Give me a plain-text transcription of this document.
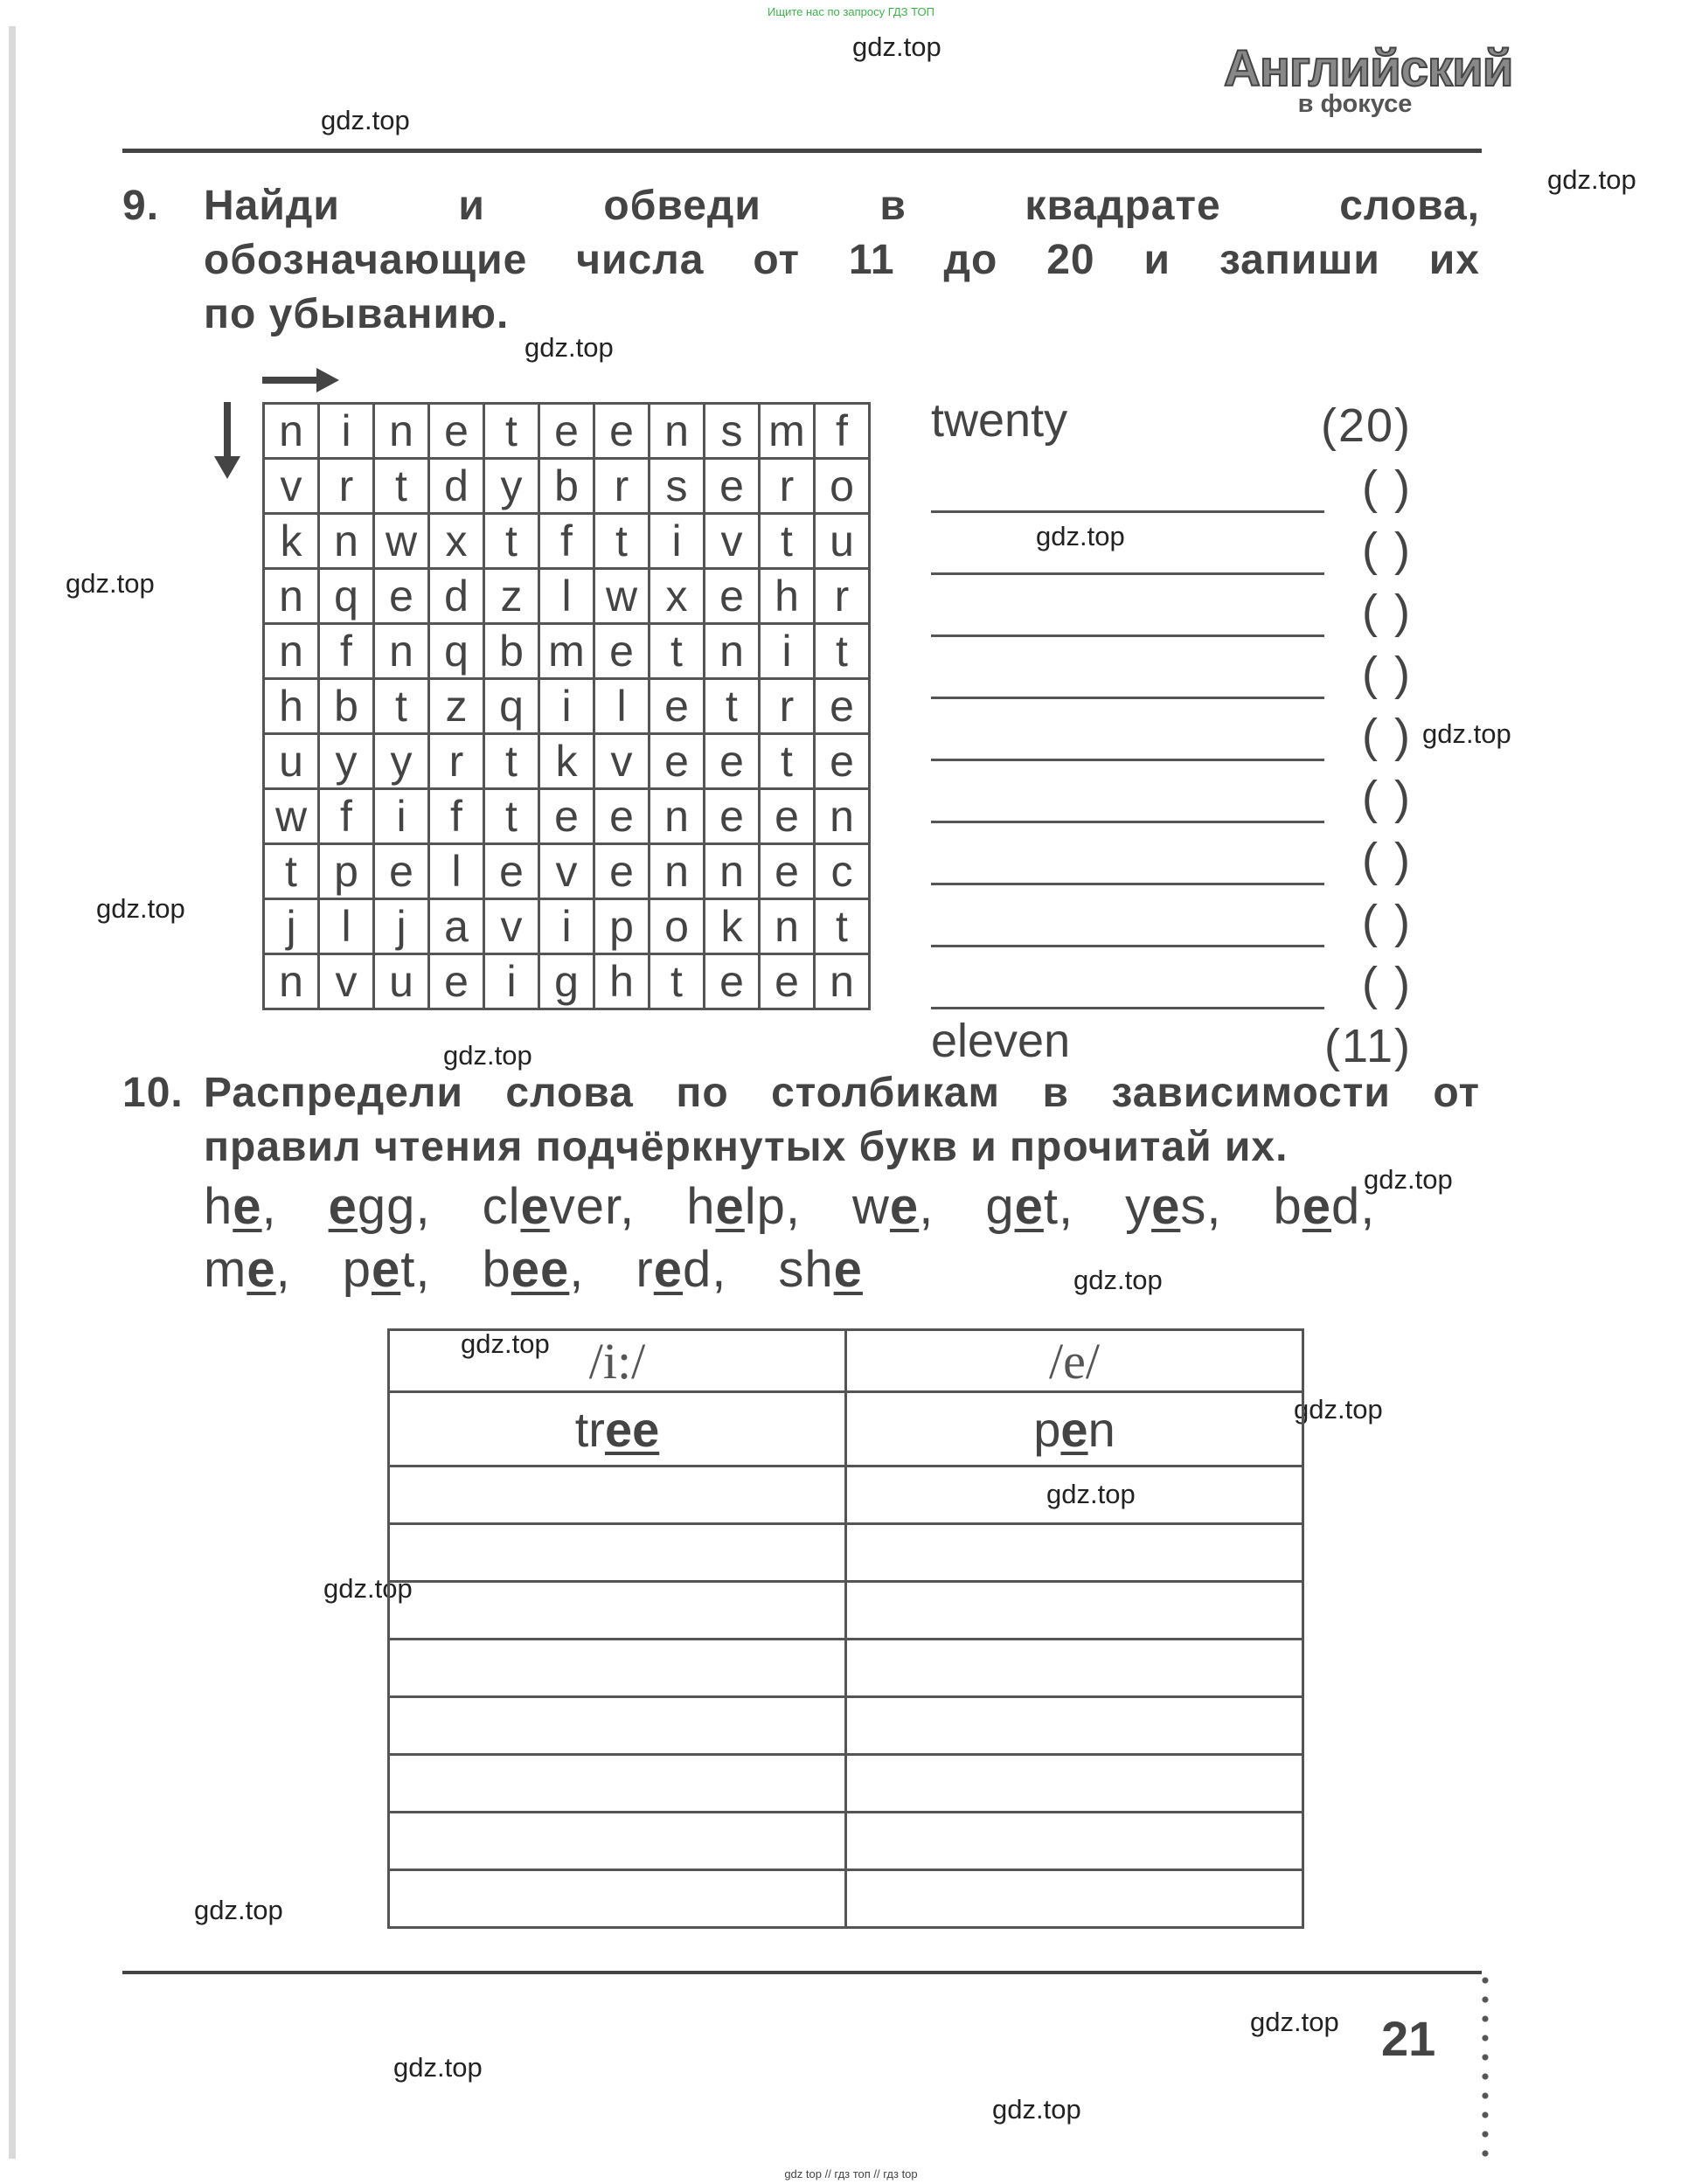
Ищите нас по запросу ГДЗ ТОП
gdz.top
gdz.top
gdz.top
gdz.top
gdz.top
gdz.top
gdz.top
gdz.top
gdz.top
gdz.top
gdz.top
gdz.top
gdz.top
gdz.top
gdz.top
gdz.top
gdz.top
gdz.top
gdz.top
Английский
в фокусе
9. Найди и обведи в квадрате слова,
обозначающие числа от 11 до 20 и запиши их
по убыванию.
n	i	n	e	t	e	e	n	s	m	f
v	r	t	d	y	b	r	s	e	r	o
k	n	w	x	t	f	t	i	v	t	u
n	q	e	d	z	l	w	x	e	h	r
n	f	n	q	b	m	e	t	n	i	t
h	b	t	z	q	i	l	e	t	r	e
u	y	y	r	t	k	v	e	e	t	e
w	f	i	f	t	e	e	n	e	e	n
t	p	e	l	e	v	e	n	n	e	c
j	l	j	a	v	i	p	o	k	n	t
n	v	u	e	i	g	h	t	e	e	n
twenty	(20)
( )
( )
( )
( )
( )
( )
( )
( )
( )
eleven	(11)
10. Распредели слова по столбикам в зависимости от
правил чтения подчёркнутых букв и прочитай их.
he,  egg,  clever,  help,  we,  get,  yes,  bed, me,  pet,  bee,  red,  she
/i:/	/e/
tree	pen

21
gdz top // гдз топ // гдз top
